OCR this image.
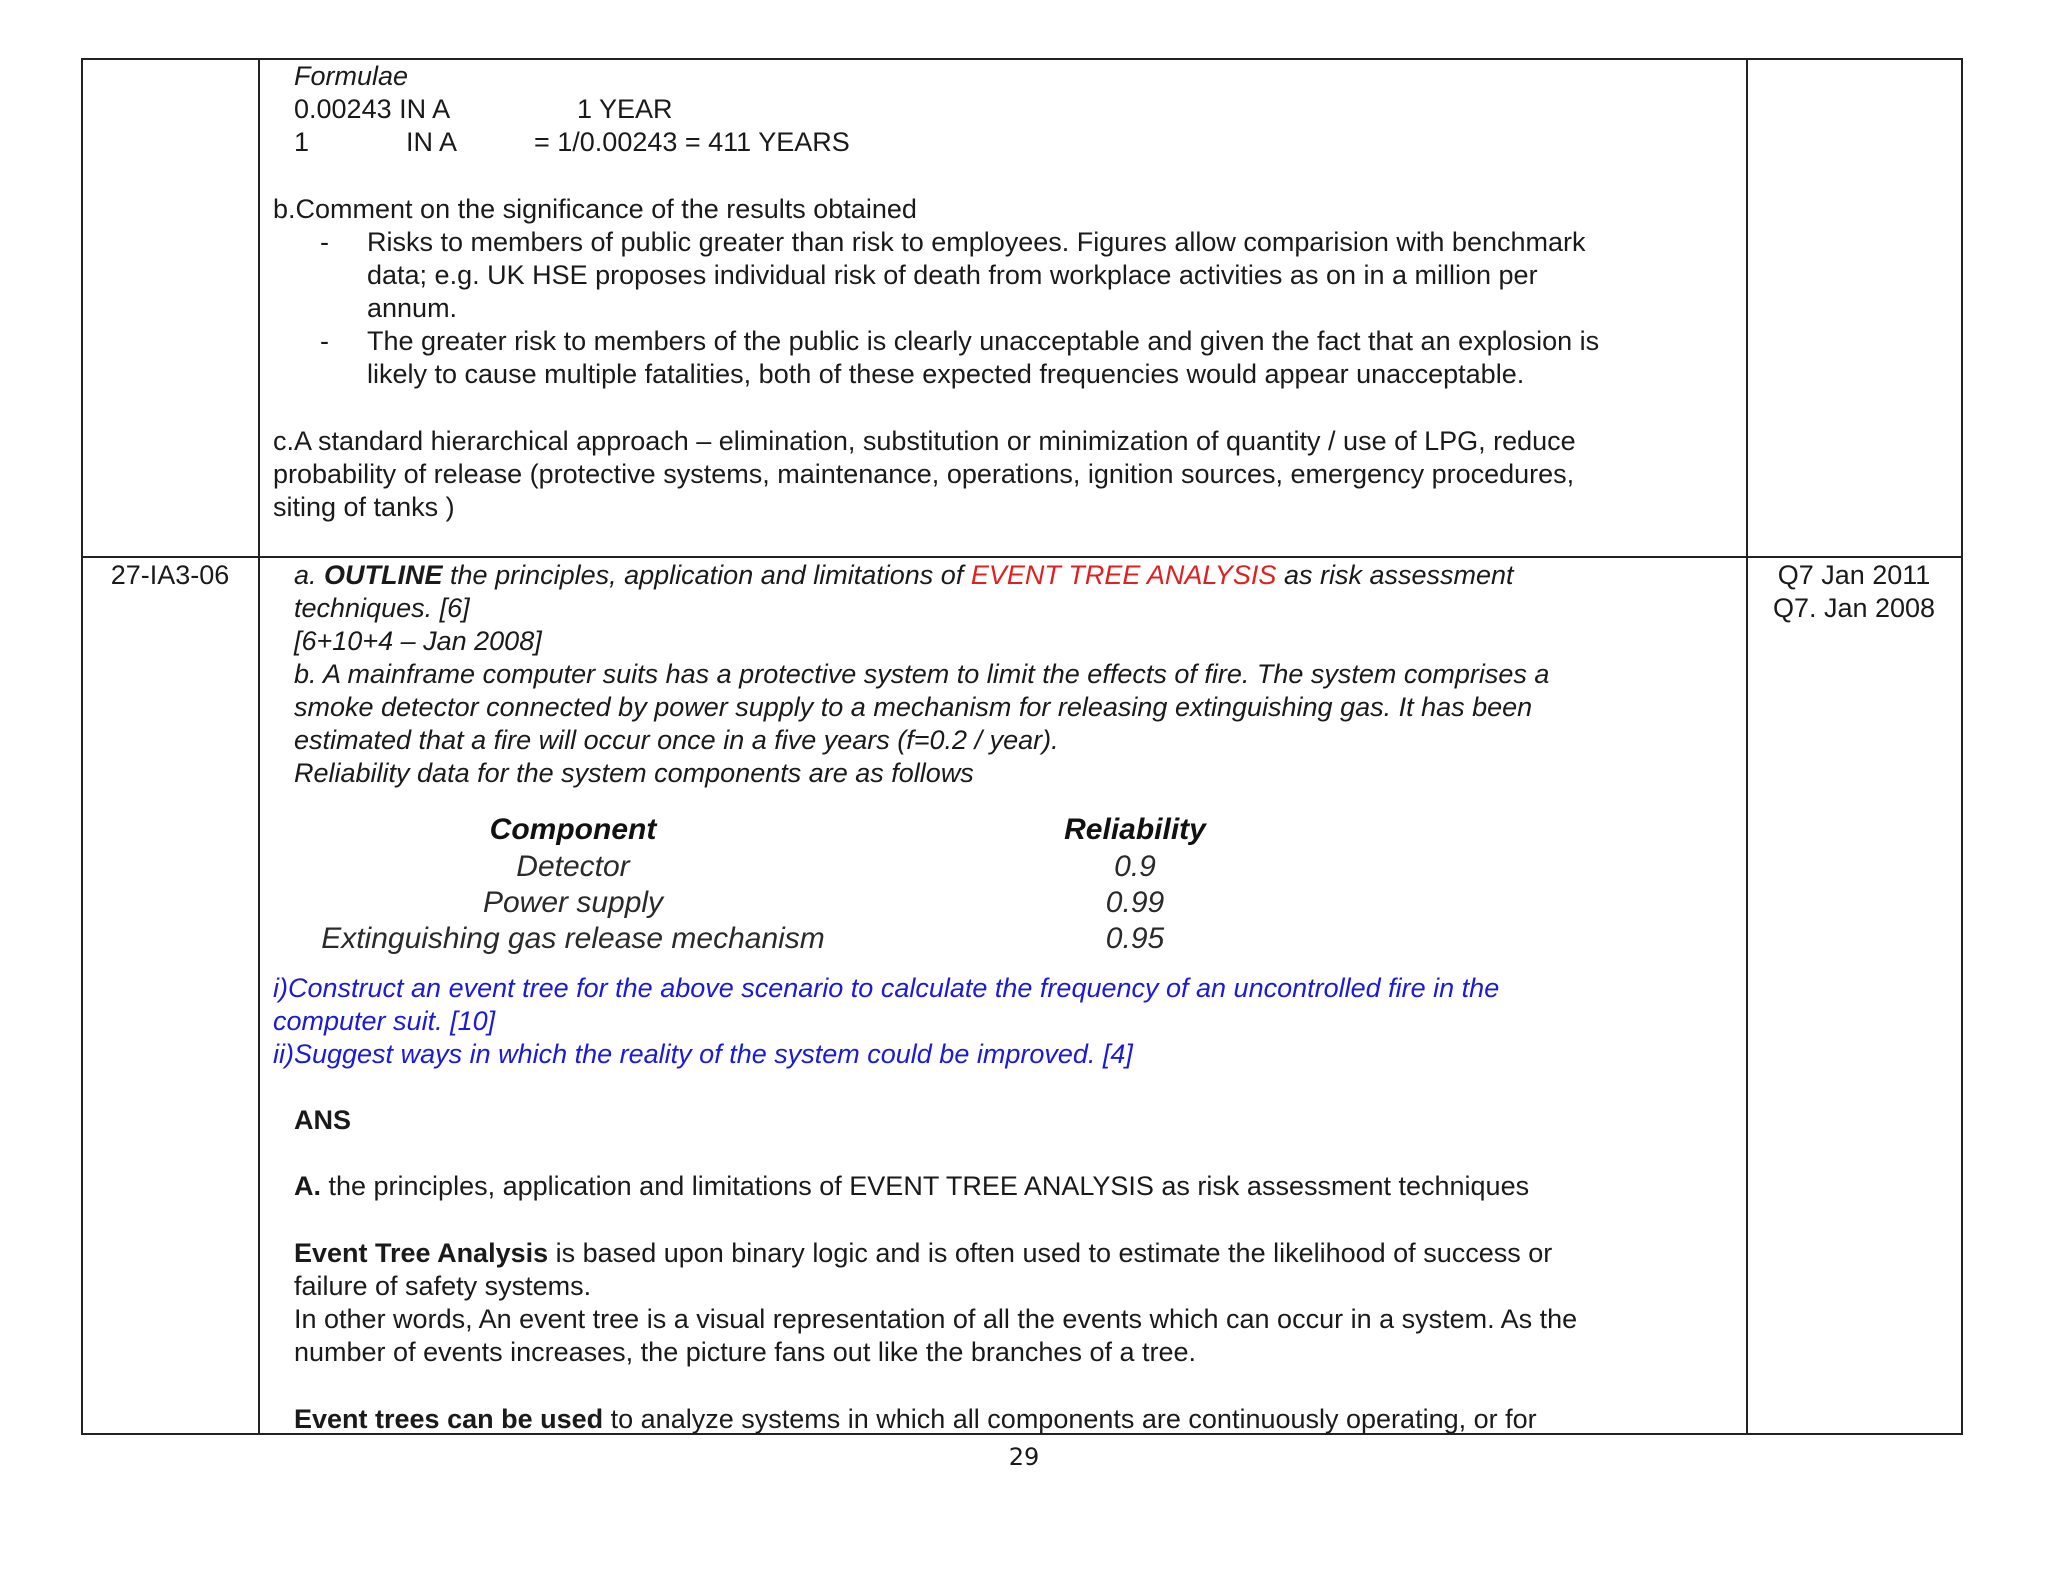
Formulae
0.00243 IN A	1 YEAR
1	IN A	= 1/0.00243 = 411 YEARS
b.Comment on the significance of the results obtained
- Risks to members of public greater than risk to employees. Figures allow comparision with benchmark
data; e.g. UK HSE proposes individual risk of death from workplace activities as on in a million per
annum.
- The greater risk to members of the public is clearly unacceptable and given the fact that an explosion is
likely to cause multiple fatalities, both of these expected frequencies would appear unacceptable.
c.A standard hierarchical approach – elimination, substitution or minimization of quantity / use of LPG, reduce
probability of release (protective systems, maintenance, operations, ignition sources, emergency procedures,
siting of tanks )
27-IA3-06	Q7 Jan 2011
Q7. Jan 2008
a. OUTLINE the principles, application and limitations of EVENT TREE ANALYSIS as risk assessment
techniques. [6]
[6+10+4 – Jan 2008]
b. A mainframe computer suits has a protective system to limit the effects of fire. The system comprises a
smoke detector connected by power supply to a mechanism for releasing extinguishing gas. It has been
estimated that a fire will occur once in a five years (f=0.2 / year).
Reliability data for the system components are as follows
Component	Reliability
Detector	0.9
Power supply	0.99
Extinguishing gas release mechanism	0.95
i)Construct an event tree for the above scenario to calculate the frequency of an uncontrolled fire in the
computer suit. [10]
ii)Suggest ways in which the reality of the system could be improved. [4]
ANS
A. the principles, application and limitations of EVENT TREE ANALYSIS as risk assessment techniques
Event Tree Analysis is based upon binary logic and is often used to estimate the likelihood of success or
failure of safety systems.
In other words, An event tree is a visual representation of all the events which can occur in a system. As the
number of events increases, the picture fans out like the branches of a tree.
Event trees can be used to analyze systems in which all components are continuously operating, or for
29
